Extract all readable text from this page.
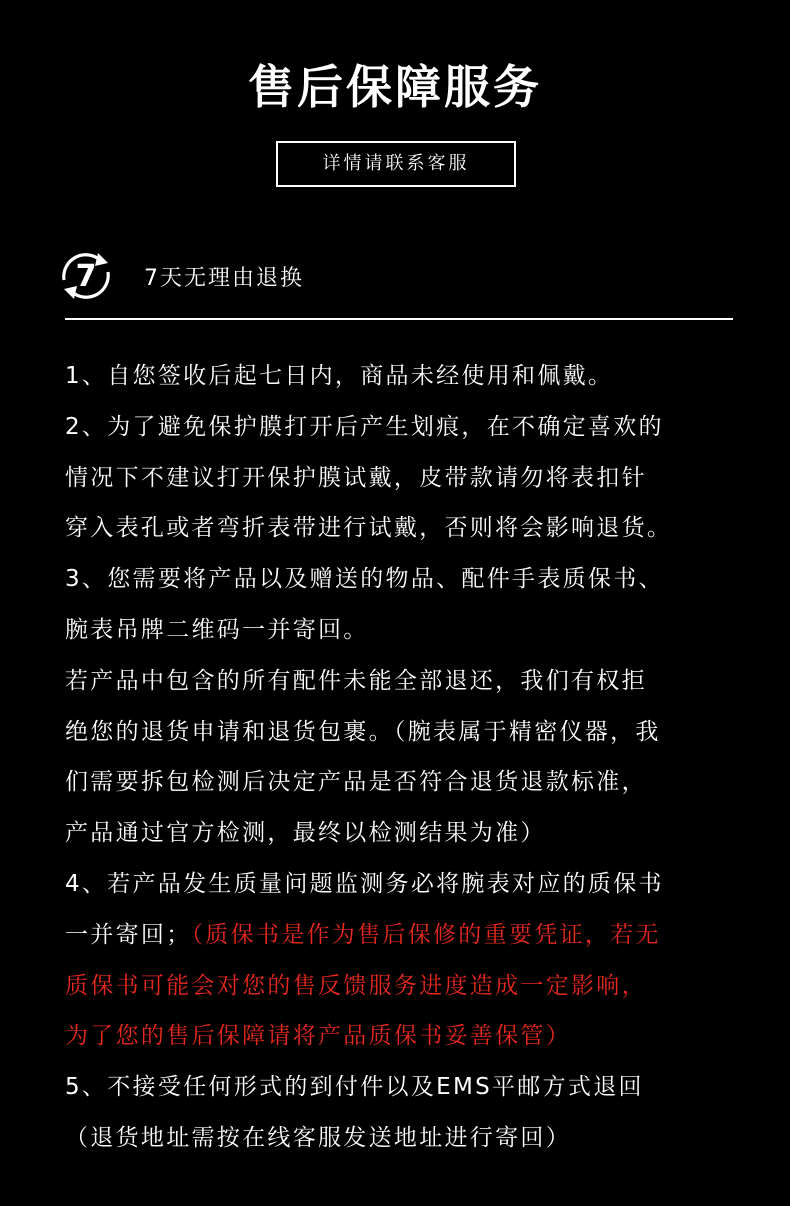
售后保障服务
详情请联系客服
7 7天无理由退换
1、自您签收后起七日内，商品未经使用和佩戴。
2、为了避免保护膜打开后产生划痕，在不确定喜欢的
情况下不建议打开保护膜试戴，皮带款请勿将表扣针
穿入表孔或者弯折表带进行试戴，否则将会影响退货。
3、您需要将产品以及赠送的物品、配件手表质保书、
腕表吊牌二维码一并寄回。
若产品中包含的所有配件未能全部退还，我们有权拒
绝您的退货申请和退货包裹。（腕表属于精密仪器，我
们需要拆包检测后决定产品是否符合退货退款标准，
产品通过官方检测，最终以检测结果为准）
4、若产品发生质量问题监测务必将腕表对应的质保书
一并寄回；（质保书是作为售后保修的重要凭证，若无
质保书可能会对您的售反馈服务进度造成一定影响，
为了您的售后保障请将产品质保书妥善保管）
5、不接受任何形式的到付件以及EMS平邮方式退回
（退货地址需按在线客服发送地址进行寄回）
